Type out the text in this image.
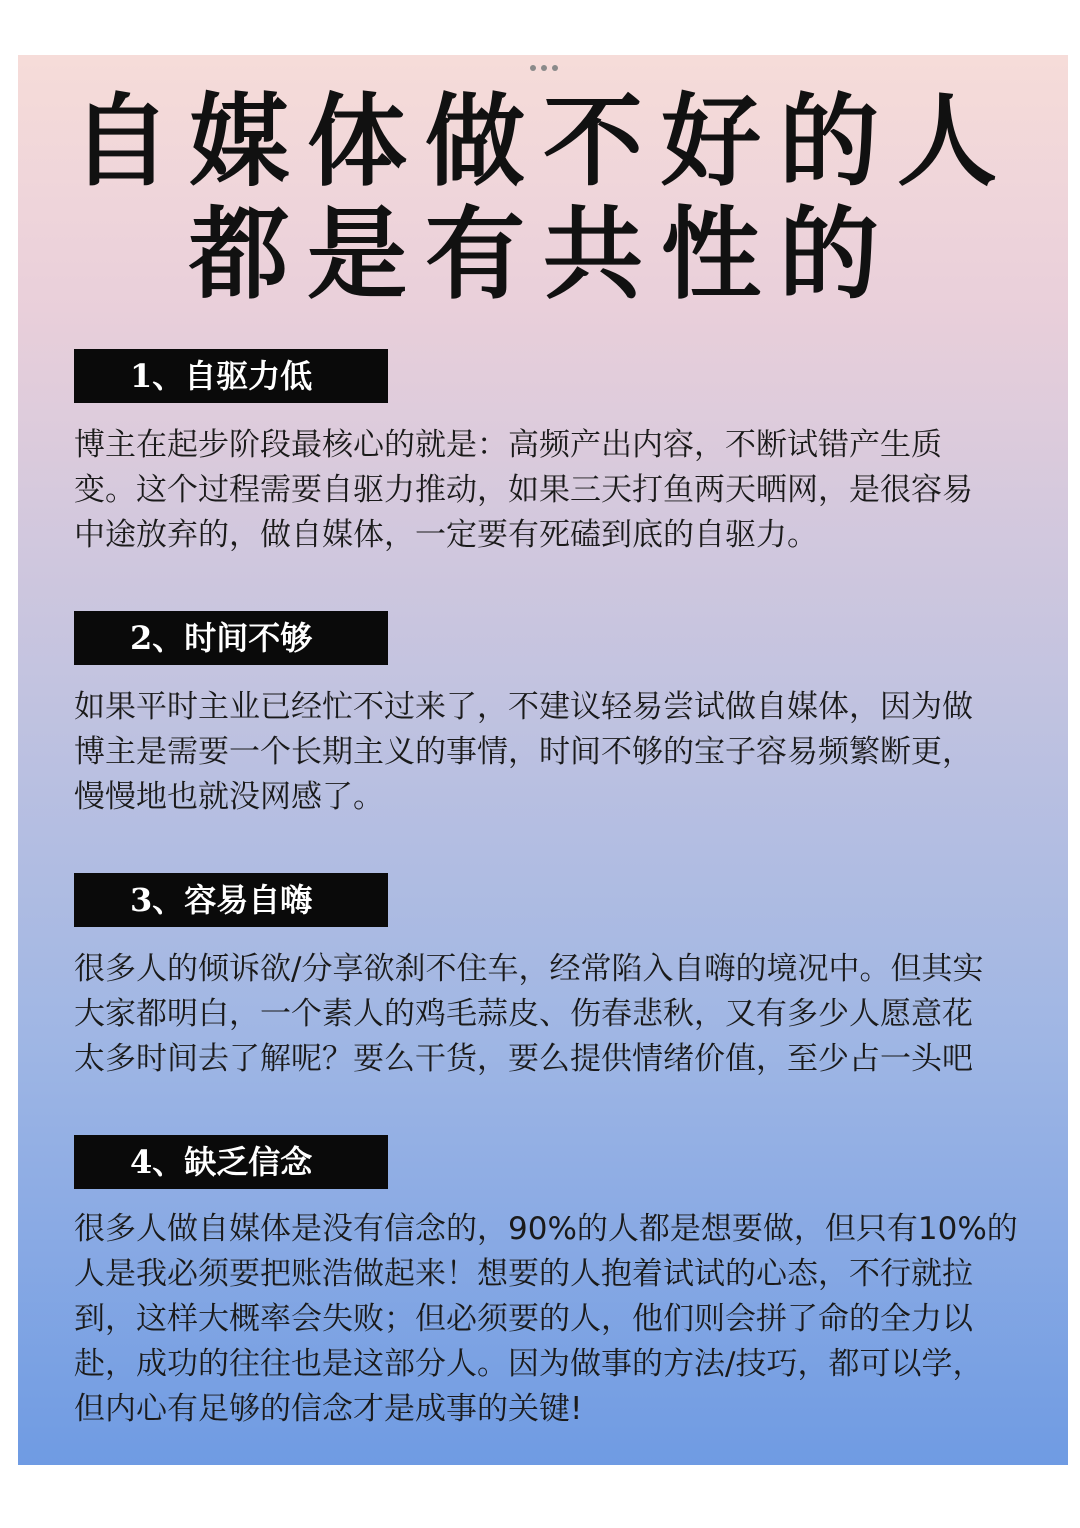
自媒体做不好的人
都是有共性的
1、自驱力低

博主在起步阶段最核心的就是：高频产出内容，不断试错产生质
变。这个过程需要自驱力推动，如果三天打鱼两天晒网，是很容易
中途放弃的，做自媒体，一定要有死磕到底的自驱力。

2、时间不够

如果平时主业已经忙不过来了，不建议轻易尝试做自媒体，因为做
博主是需要一个长期主义的事情，时间不够的宝子容易频繁断更，
慢慢地也就没网感了。

3、容易自嗨

很多人的倾诉欲/分享欲刹不住车，经常陷入自嗨的境况中。但其实
大家都明白，一个素人的鸡毛蒜皮、伤春悲秋，又有多少人愿意花
太多时间去了解呢？要么干货，要么提供情绪价值，至少占一头吧

4、缺乏信念

很多人做自媒体是没有信念的，90%的人都是想要做，但只有10%的
人是我必须要把账浩做起来！想要的人抱着试试的心态，不行就拉
到，这样大概率会失败；但必须要的人，他们则会拼了命的全力以
赴，成功的往往也是这部分人。因为做事的方法/技巧，都可以学，
但内心有足够的信念才是成事的关键!
